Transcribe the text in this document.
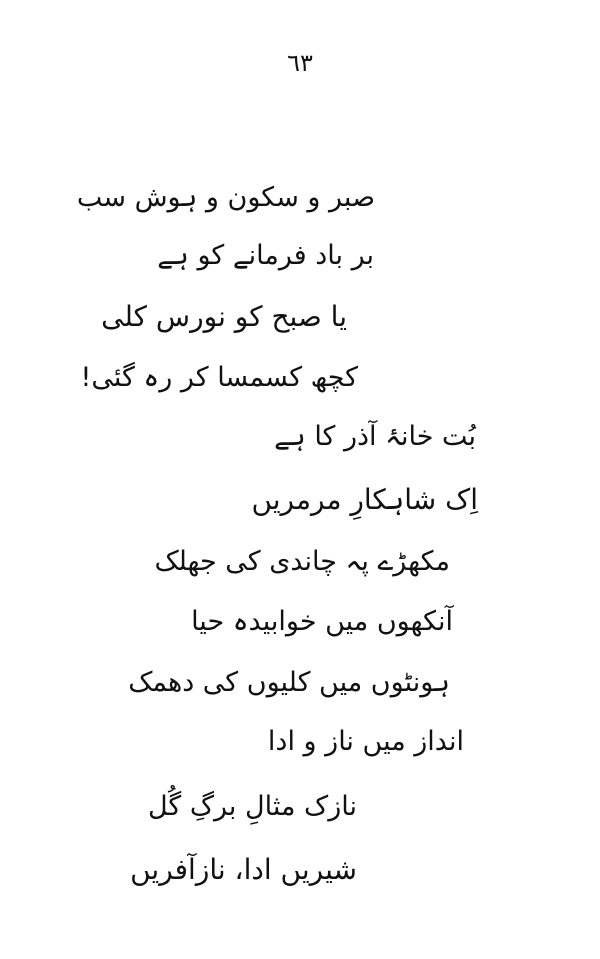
٦٣
صبر و سکون و ہوش سب
بر باد فرمانے کو ہے
یا صبح کو نورس کلی
کچھ کسمسا کر رہ گئی!
بُت خانۂ آذر کا ہے
اِک شاہکارِ مرمریں
مکھڑے پہ چاندی کی جھلک
آنکھوں میں خوابیدہ حیا
ہونٹوں میں کلیوں کی دھمک
انداز میں ناز و ادا
نازک مثالِ برگِ گُل
شیریں ادا، نازآفریں
